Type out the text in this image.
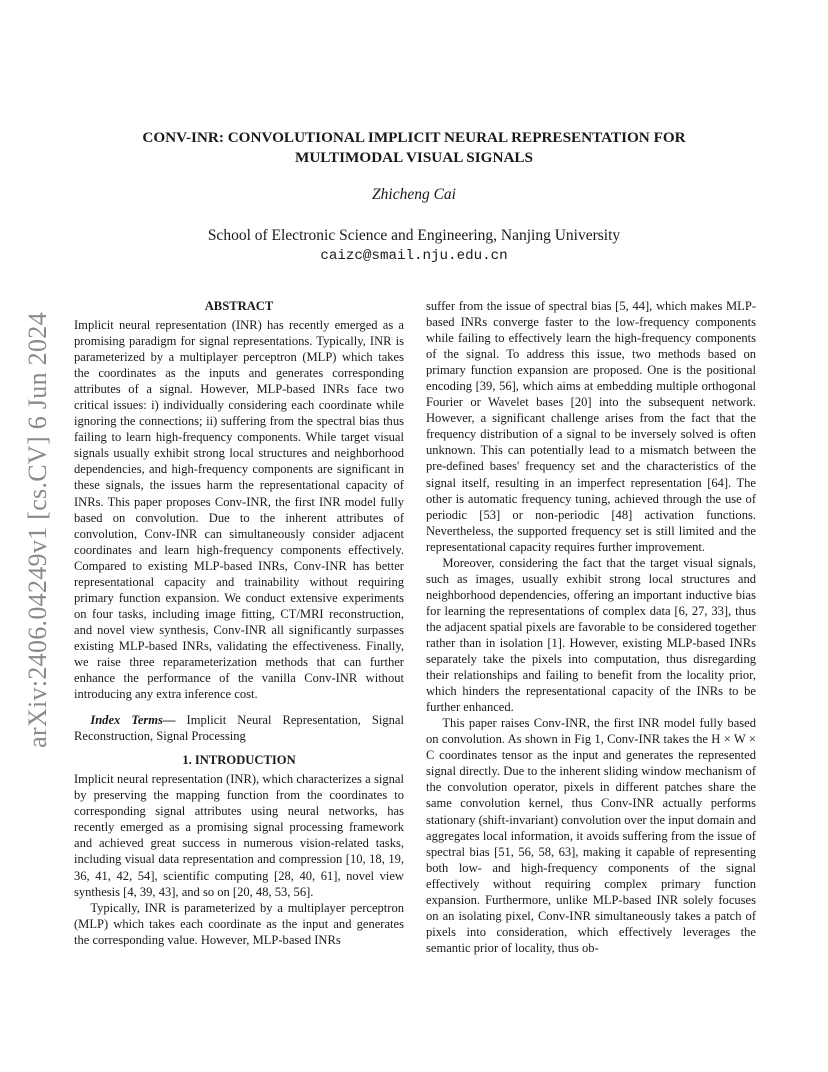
arXiv:2406.04249v1 [cs.CV] 6 Jun 2024
CONV-INR: CONVOLUTIONAL IMPLICIT NEURAL REPRESENTATION FOR
MULTIMODAL VISUAL SIGNALS
Zhicheng Cai
School of Electronic Science and Engineering, Nanjing University
caizc@smail.nju.edu.cn
ABSTRACT

Implicit neural representation (INR) has recently emerged as a promising paradigm for signal representations. Typically, INR is parameterized by a multiplayer perceptron (MLP) which takes the coordinates as the inputs and generates corresponding attributes of a signal. However, MLP-based INRs face two critical issues: i) individually considering each coordinate while ignoring the connections; ii) suffering from the spectral bias thus failing to learn high-frequency components. While target visual signals usually exhibit strong local structures and neighborhood dependencies, and high-frequency components are significant in these signals, the issues harm the representational capacity of INRs. This paper proposes Conv-INR, the first INR model fully based on convolution. Due to the inherent attributes of convolution, Conv-INR can simultaneously consider adjacent coordinates and learn high-frequency components effectively. Compared to existing MLP-based INRs, Conv-INR has better representational capacity and trainability without requiring primary function expansion. We conduct extensive experiments on four tasks, including image fitting, CT/MRI reconstruction, and novel view synthesis, Conv-INR all significantly surpasses existing MLP-based INRs, validating the effectiveness. Finally, we raise three reparameterization methods that can further enhance the performance of the vanilla Conv-INR without introducing any extra inference cost.

Index Terms— Implicit Neural Representation, Signal Reconstruction, Signal Processing

1. INTRODUCTION

Implicit neural representation (INR), which characterizes a signal by preserving the mapping function from the coordinates to corresponding signal attributes using neural networks, has recently emerged as a promising signal processing framework and achieved great success in numerous vision-related tasks, including visual data representation and compression [10, 18, 19, 36, 41, 42, 54], scientific computing [28, 40, 61], novel view synthesis [4, 39, 43], and so on [20, 48, 53, 56].

Typically, INR is parameterized by a multiplayer perceptron (MLP) which takes each coordinate as the input and generates the corresponding value. However, MLP-based INRs

suffer from the issue of spectral bias [5, 44], which makes MLP-based INRs converge faster to the low-frequency components while failing to effectively learn the high-frequency components of the signal. To address this issue, two methods based on primary function expansion are proposed. One is the positional encoding [39, 56], which aims at embedding multiple orthogonal Fourier or Wavelet bases [20] into the subsequent network. However, a significant challenge arises from the fact that the frequency distribution of a signal to be inversely solved is often unknown. This can potentially lead to a mismatch between the pre-defined bases' frequency set and the characteristics of the signal itself, resulting in an imperfect representation [64]. The other is automatic frequency tuning, achieved through the use of periodic [53] or non-periodic [48] activation functions. Nevertheless, the supported frequency set is still limited and the representational capacity requires further improvement.

Moreover, considering the fact that the target visual signals, such as images, usually exhibit strong local structures and neighborhood dependencies, offering an important inductive bias for learning the representations of complex data [6, 27, 33], thus the adjacent spatial pixels are favorable to be considered together rather than in isolation [1]. However, existing MLP-based INRs separately take the pixels into computation, thus disregarding their relationships and failing to benefit from the locality prior, which hinders the representational capacity of the INRs to be further enhanced.

This paper raises Conv-INR, the first INR model fully based on convolution. As shown in Fig 1, Conv-INR takes the H × W × C coordinates tensor as the input and generates the represented signal directly. Due to the inherent sliding window mechanism of the convolution operator, pixels in different patches share the same convolution kernel, thus Conv-INR actually performs stationary (shift-invariant) convolution over the input domain and aggregates local information, it avoids suffering from the issue of spectral bias [51, 56, 58, 63], making it capable of representing both low- and high-frequency components of the signal effectively without requiring complex primary function expansion. Furthermore, unlike MLP-based INR solely focuses on an isolating pixel, Conv-INR simultaneously takes a patch of pixels into consideration, which effectively leverages the semantic prior of locality, thus ob-
